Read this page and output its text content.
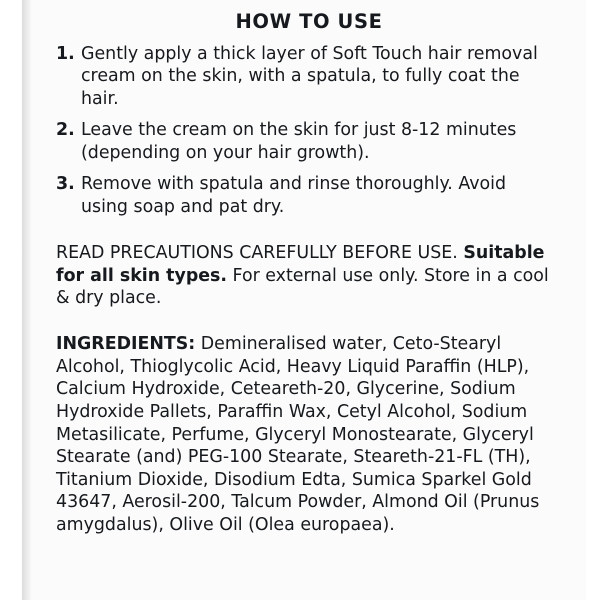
HOW TO USE
1. Gently apply a thick layer of Soft Touch hair removal cream on the skin, with a spatula, to fully coat the hair.
2. Leave the cream on the skin for just 8-12 minutes (depending on your hair growth).
3. Remove with spatula and rinse thoroughly. Avoid using soap and pat dry.
READ PRECAUTIONS CAREFULLY BEFORE USE. Suitable for all skin types. For external use only. Store in a cool & dry place.
INGREDIENTS: Demineralised water, Ceto-Stearyl Alcohol, Thioglycolic Acid, Heavy Liquid Paraffin (HLP), Calcium Hydroxide, Ceteareth-20, Glycerine, Sodium Hydroxide Pallets, Paraffin Wax, Cetyl Alcohol, Sodium Metasilicate, Perfume, Glyceryl Monostearate, Glyceryl Stearate (and) PEG-100 Stearate, Steareth-21-FL (TH), Titanium Dioxide, Disodium Edta, Sumica Sparkel Gold 43647, Aerosil-200, Talcum Powder, Almond Oil (Prunus amygdalus), Olive Oil (Olea europaea).
